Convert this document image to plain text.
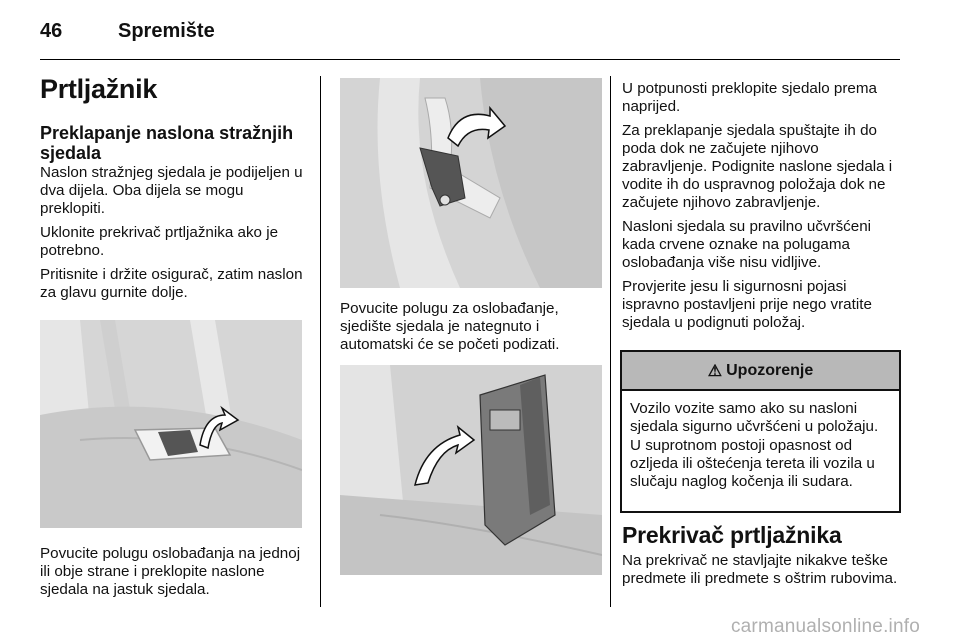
46	Spremište
Prtljažnik
Preklapanje naslona stražnjih sjedala

Naslon stražnjeg sjedala je podijeljen u dva dijela. Oba dijela se mogu preklopiti.

Uklonite prekrivač prtljažnika ako je potrebno.

Pritisnite i držite osigurač, zatim naslon za glavu gurnite dolje.

Povucite polugu oslobađanja na jednoj ili obje strane i preklopite naslone sjedala na jastuk sjedala.

Povucite polugu za oslobađanje, sjedište sjedala je nategnuto i automatski će se početi podizati.

U potpunosti preklopite sjedalo prema naprijed.

Za preklapanje sjedala spuštajte ih do poda dok ne začujete njihovo zabravljenje. Podignite naslone sjedala i vodite ih do uspravnog položaja dok ne začujete njihovo zabravljenje.

Nasloni sjedala su pravilno učvršćeni kada crvene oznake na polugama oslobađanja više nisu vidljive.

Provjerite jesu li sigurnosni pojasi ispravno postavljeni prije nego vratite sjedala u podignuti položaj.

⚠ Upozorenje
Vozilo vozite samo ako su nasloni sjedala sigurno učvršćeni u položaju. U suprotnom postoji opasnost od ozljeda ili oštećenja tereta ili vozila u slučaju naglog kočenja ili sudara.
Prekrivač prtljažnika

Na prekrivač ne stavljajte nikakve teške predmete ili predmete s oštrim rubovima.

carmanualsonline.info
